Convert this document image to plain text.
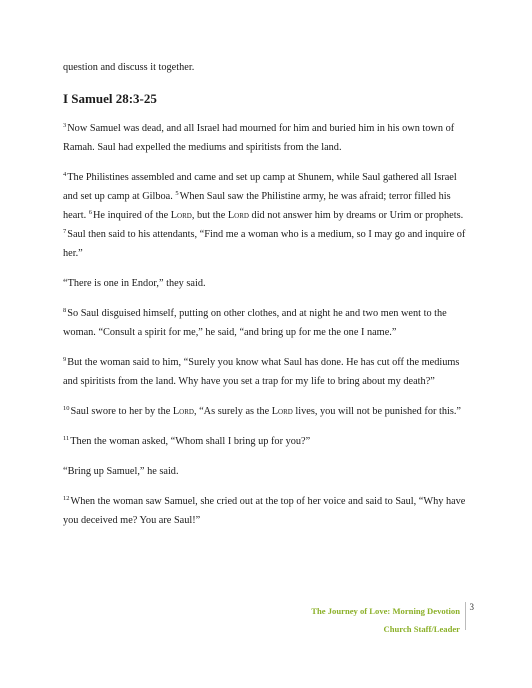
question and discuss it together.

I Samuel 28:3-25

$^3$Now Samuel was dead, and all Israel had mourned for him and buried him in his own town of Ramah. Saul had expelled the mediums and spiritists from the land.

$^4$The Philistines assembled and came and set up camp at Shunem, while Saul gathered all Israel and set up camp at Gilboa. $^5$When Saul saw the Philistine army, he was afraid; terror filled his heart. $^6$He inquired of the Lord, but the Lord did not answer him by dreams or Urim or prophets. $^7$Saul then said to his attendants, “Find me a woman who is a medium, so I may go and inquire of her.”

“There is one in Endor,” they said.

$^8$So Saul disguised himself, putting on other clothes, and at night he and two men went to the woman. “Consult a spirit for me,” he said, “and bring up for me the one I name.”

$^9$But the woman said to him, “Surely you know what Saul has done. He has cut off the mediums and spiritists from the land. Why have you set a trap for my life to bring about my death?”

$^{10}$Saul swore to her by the Lord, “As surely as the Lord lives, you will not be punished for this.”

$^{11}$Then the woman asked, “Whom shall I bring up for you?”

“Bring up Samuel,” he said.

$^{12}$When the woman saw Samuel, she cried out at the top of her voice and said to Saul, “Why have you deceived me? You are Saul!”

The Journey of Love: Morning Devotion
Church Staff/Leader
3
